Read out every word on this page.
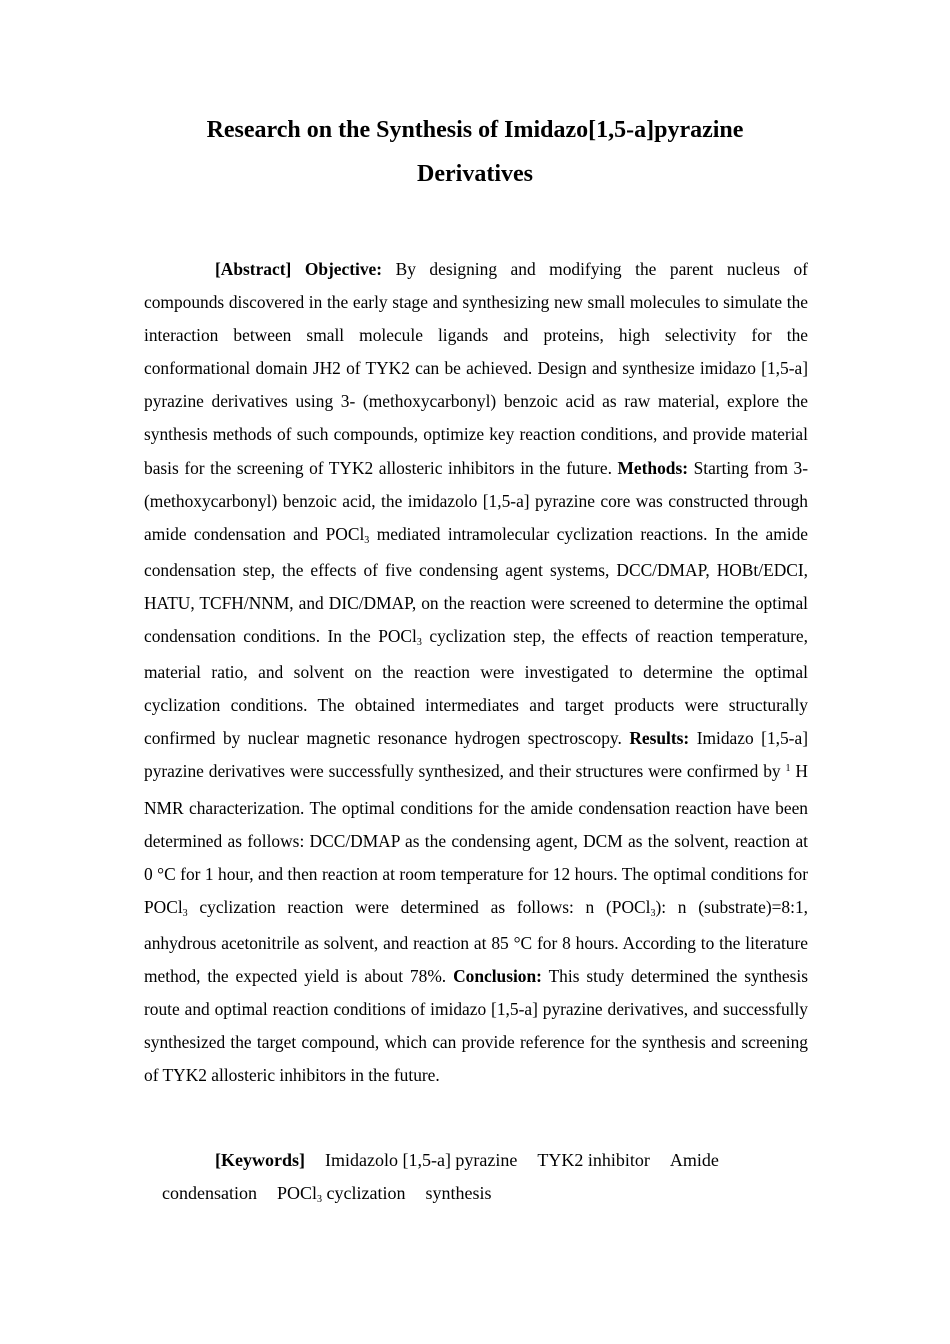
Research on the Synthesis of Imidazo[1,5-a]pyrazine
Derivatives

[Abstract] Objective: By designing and modifying the parent nucleus of compounds discovered in the early stage and synthesizing new small molecules to simulate the interaction between small molecule ligands and proteins, high selectivity for the conformational domain JH2 of TYK2 can be achieved. Design and synthesize imidazo [1,5-a] pyrazine derivatives using 3- (methoxycarbonyl) benzoic acid as raw material, explore the synthesis methods of such compounds, optimize key reaction conditions, and provide material basis for the screening of TYK2 allosteric inhibitors in the future. Methods: Starting from 3- (methoxycarbonyl) benzoic acid, the imidazolo [1,5-a] pyrazine core was constructed through amide condensation and POCl3 mediated intramolecular cyclization reactions. In the amide condensation step, the effects of five condensing agent systems, DCC/DMAP, HOBt/EDCI, HATU, TCFH/NNM, and DIC/DMAP, on the reaction were screened to determine the optimal condensation conditions. In the POCl3 cyclization step, the effects of reaction temperature, material ratio, and solvent on the reaction were investigated to determine the optimal cyclization conditions. The obtained intermediates and target products were structurally confirmed by nuclear magnetic resonance hydrogen spectroscopy. Results: Imidazo [1,5-a] pyrazine derivatives were successfully synthesized, and their structures were confirmed by $^1$ H NMR characterization. The optimal conditions for the amide condensation reaction have been determined as follows: DCC/DMAP as the condensing agent, DCM as the solvent, reaction at 0 °C for 1 hour, and then reaction at room temperature for 12 hours. The optimal conditions for POCl3 cyclization reaction were determined as follows: n (POCl3): n (substrate)=8:1, anhydrous acetonitrile as solvent, and reaction at 85 °C for 8 hours. According to the literature method, the expected yield is about 78%. Conclusion: This study determined the synthesis route and optimal reaction conditions of imidazo [1,5-a] pyrazine derivatives, and successfully synthesized the target compound, which can provide reference for the synthesis and screening of TYK2 allosteric inhibitors in the future.

[Keywords] Imidazolo [1,5-a] pyrazine TYK2 inhibitor Amide condensation POCl3 cyclization synthesis
